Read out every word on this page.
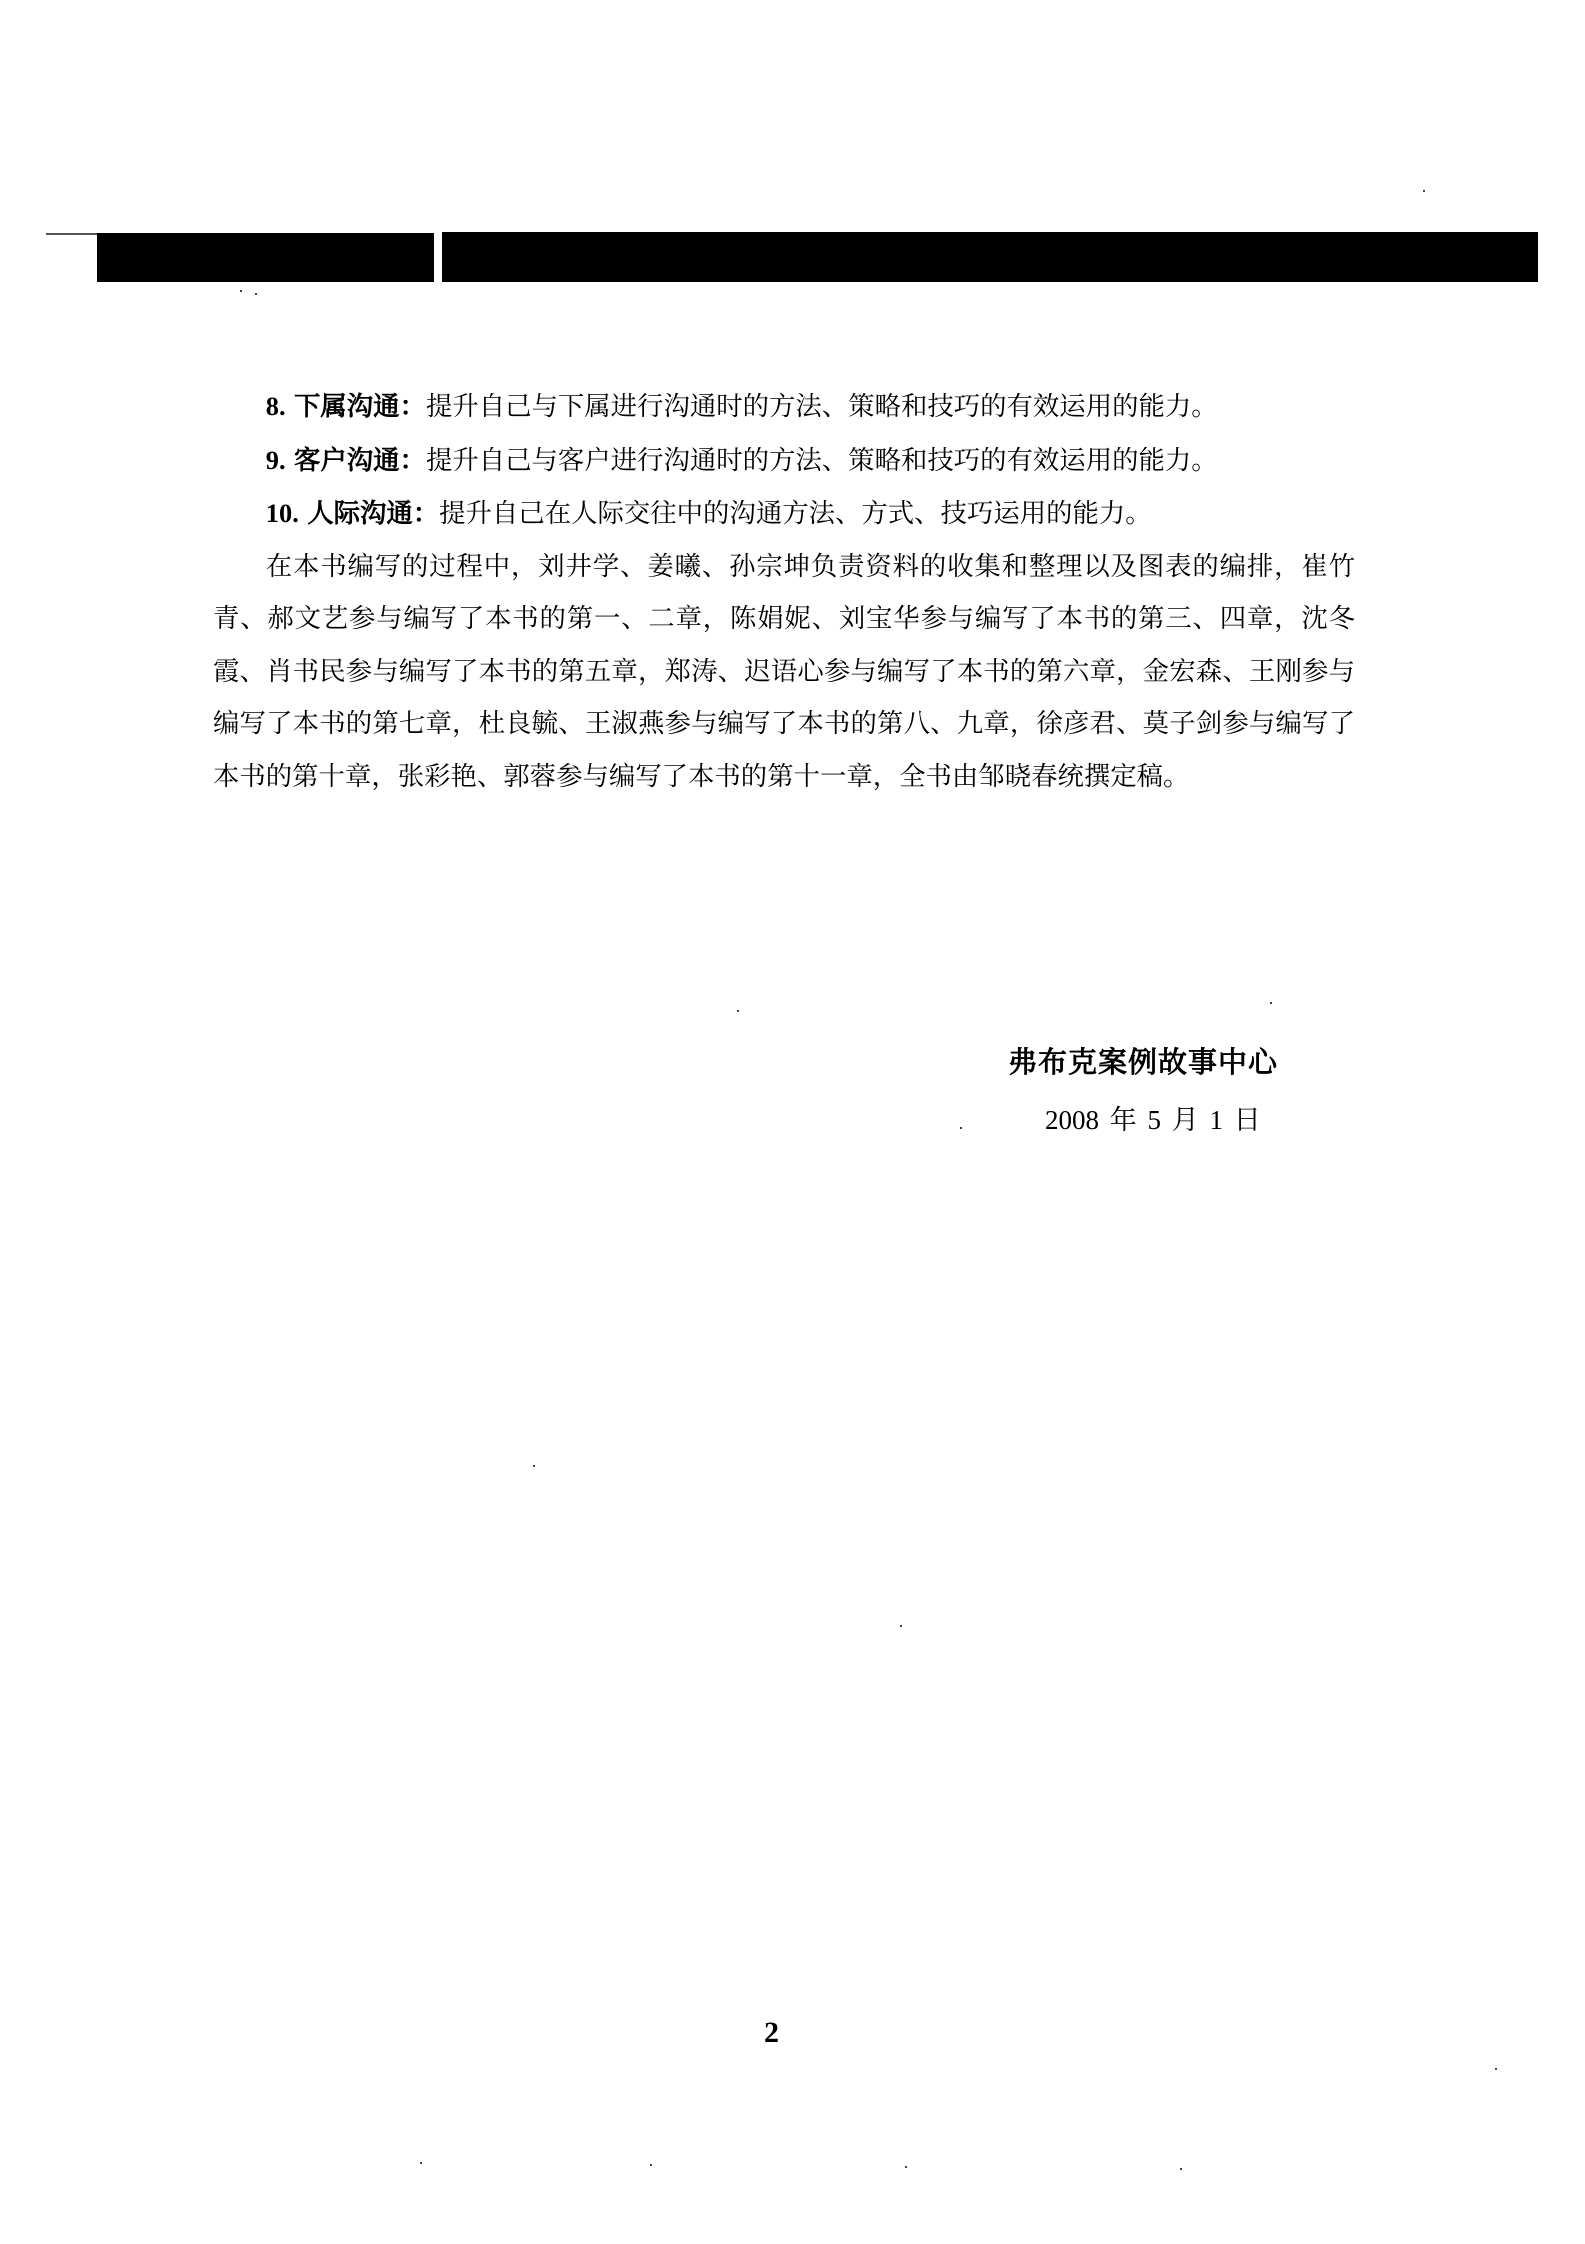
8. 下属沟通：提升自己与下属进行沟通时的方法、策略和技巧的有效运用的能力。

9. 客户沟通：提升自己与客户进行沟通时的方法、策略和技巧的有效运用的能力。

10. 人际沟通：提升自己在人际交往中的沟通方法、方式、技巧运用的能力。

在本书编写的过程中，刘井学、姜曦、孙宗坤负责资料的收集和整理以及图表的编排，崔竹青、郝文艺参与编写了本书的第一、二章，陈娟妮、刘宝华参与编写了本书的第三、四章，沈冬霞、肖书民参与编写了本书的第五章，郑涛、迟语心参与编写了本书的第六章，金宏森、王刚参与编写了本书的第七章，杜良毓、王淑燕参与编写了本书的第八、九章，徐彦君、莫子剑参与编写了本书的第十章，张彩艳、郭蓉参与编写了本书的第十一章，全书由邹晓春统撰定稿。

弗布克案例故事中心
2008 年 5 月 1 日
2
